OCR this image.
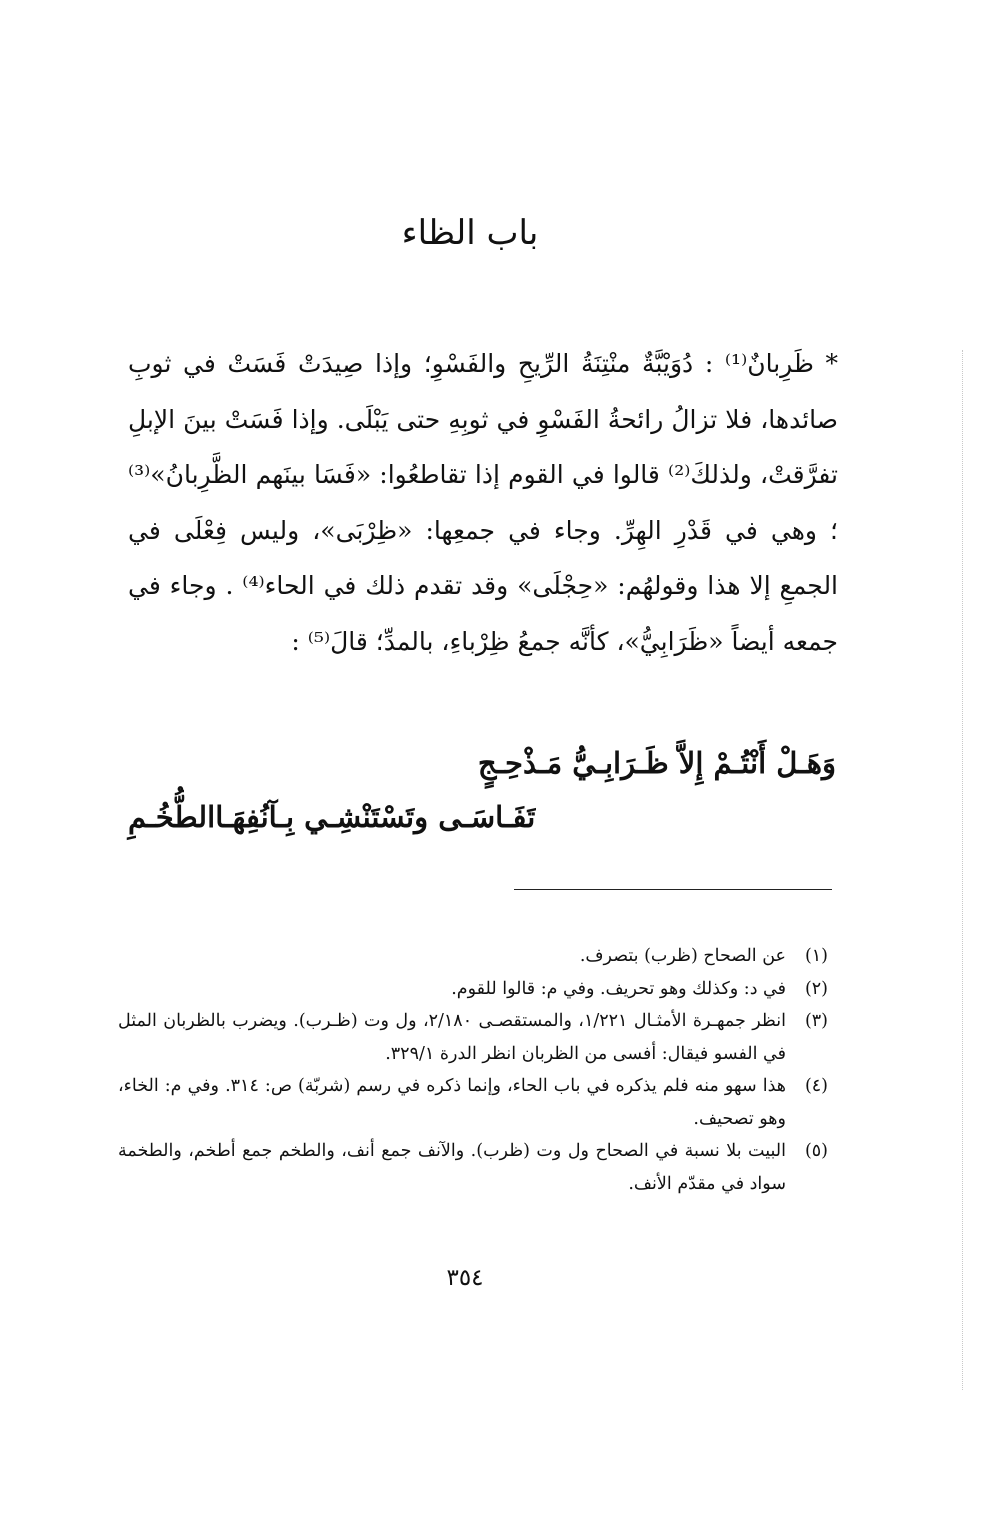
باب الظاء

* ظَرِبانٌ⁽¹⁾ : دُوَيْبَّةٌ منْتِنَةُ الرِّيحِ والفَسْوِ؛ وإذا صِيدَتْ فَسَتْ في ثوبِ صائدها، فلا تزالُ رائحةُ الفَسْوِ في ثوبِهِ حتى يَبْلَى. وإذا فَسَتْ بينَ الإبلِ تفرَّقتْ، ولذلكَ⁽²⁾ قالوا في القوم إذا تقاطعُوا: «فَسَا بينَهم الظَّرِبانُ»⁽³⁾ ؛ وهي في قَدْرِ الهِرِّ. وجاء في جمعِها: «ظِرْبَى»، وليس فِعْلَى في الجمعِ إلا هذا وقولهُم: «حِجْلَى» وقد تقدم ذلك في الحاء⁽⁴⁾ . وجاء في جمعه أيضاً «ظَرَابِيُّ»، كأنَّه جمعُ ظِرْباءِ، بالمدِّ؛ قالَ⁽⁵⁾ :

وَهَـلْ أَنْتُـمْ إِلاَّ ظَـرَابِـيُّ مَـذْحِـجٍ
تَفَـاسَـى وتَسْتَنْشِـي بِـآنُفِهَـاالطُّخُـمِ
(١)
عن الصحاح (ظرب) بتصرف.
(٢)
في د: وكذلك وهو تحريف. وفي م: قالوا للقوم.
(٣)
انظر جمهـرة الأمثـال ١/٢٢١، والمستقصـى ٢/١٨٠، ول وت (ظـرب). ويضرب بالظربان المثل في الفسو فيقال: أفسى من الظربان انظر الدرة ٣٢٩/١.
(٤)
هذا سهو منه فلم يذكره في باب الحاء، وإنما ذكره في رسم (شربّة) ص: ٣١٤. وفي م: الخاء، وهو تصحيف.
(٥)
البيت بلا نسبة في الصحاح ول وت (ظرب). والآنف جمع أنف، والطخم جمع أطخم، والطخمة سواد في مقدّم الأنف.
٣٥٤
